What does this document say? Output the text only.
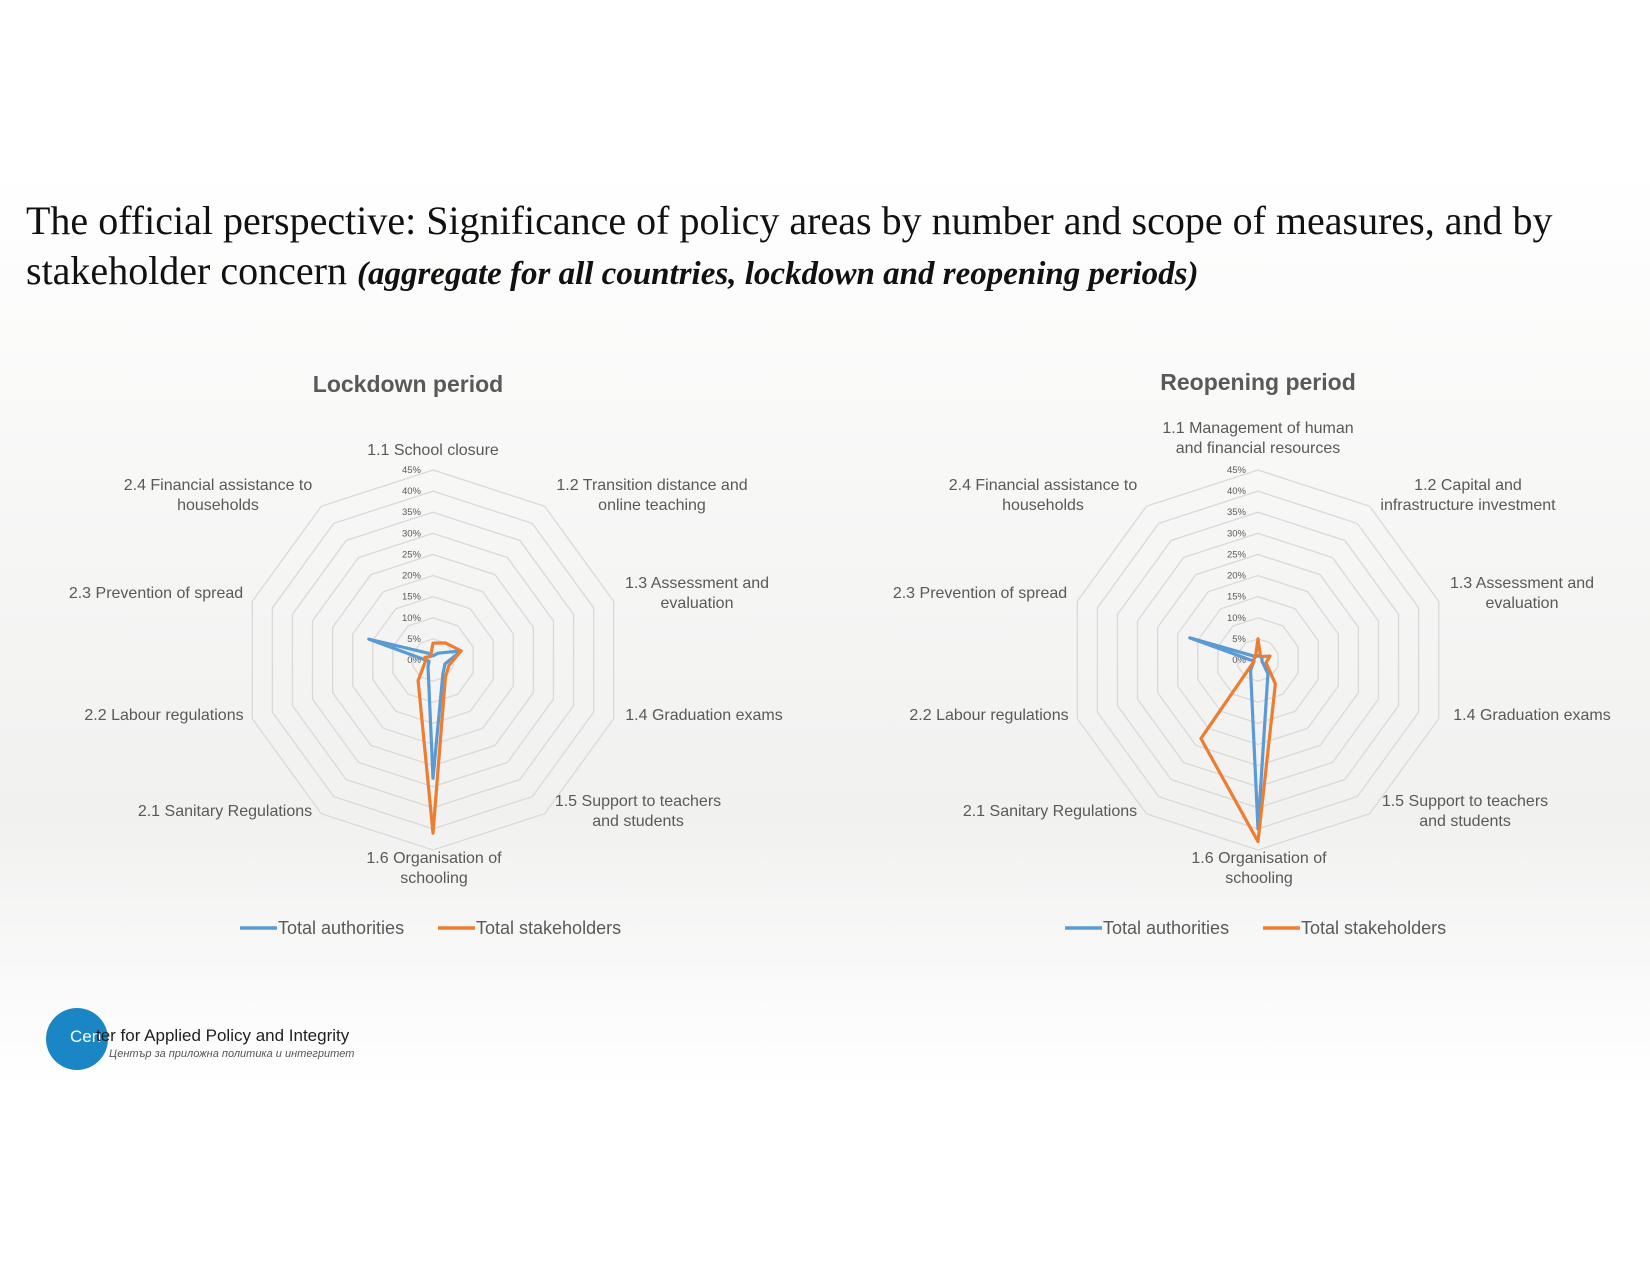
The official perspective: Significance of policy areas by number and scope of measures, and by stakeholder concern (aggregate for all countries, lockdown and reopening periods)
Lockdown period
0%
5%
10%
15%
20%
25%
30%
35%
40%
45%
1.1 School closure
1.2 Transition distance and
online teaching
1.3 Assessment and
evaluation
1.4 Graduation exams
1.5 Support to teachers
and students
1.6 Organisation of
schooling
2.1 Sanitary Regulations
2.2 Labour regulations
2.3 Prevention of spread
2.4 Financial assistance to
households
Total authorities	Total stakeholders
Reopening period
0%
5%
10%
15%
20%
25%
30%
35%
40%
45%
1.1 Management of human
and financial resources
1.2 Capital and
infrastructure investment
1.3 Assessment and
evaluation
1.4 Graduation exams
1.5 Support to teachers
and students
1.6 Organisation of
schooling
2.1 Sanitary Regulations
2.2 Labour regulations
2.3 Prevention of spread
2.4 Financial assistance to
households
Total authorities	Total stakeholders
Cen
ter for Applied Policy and Integrity
Център за приложна политика и интегритет
